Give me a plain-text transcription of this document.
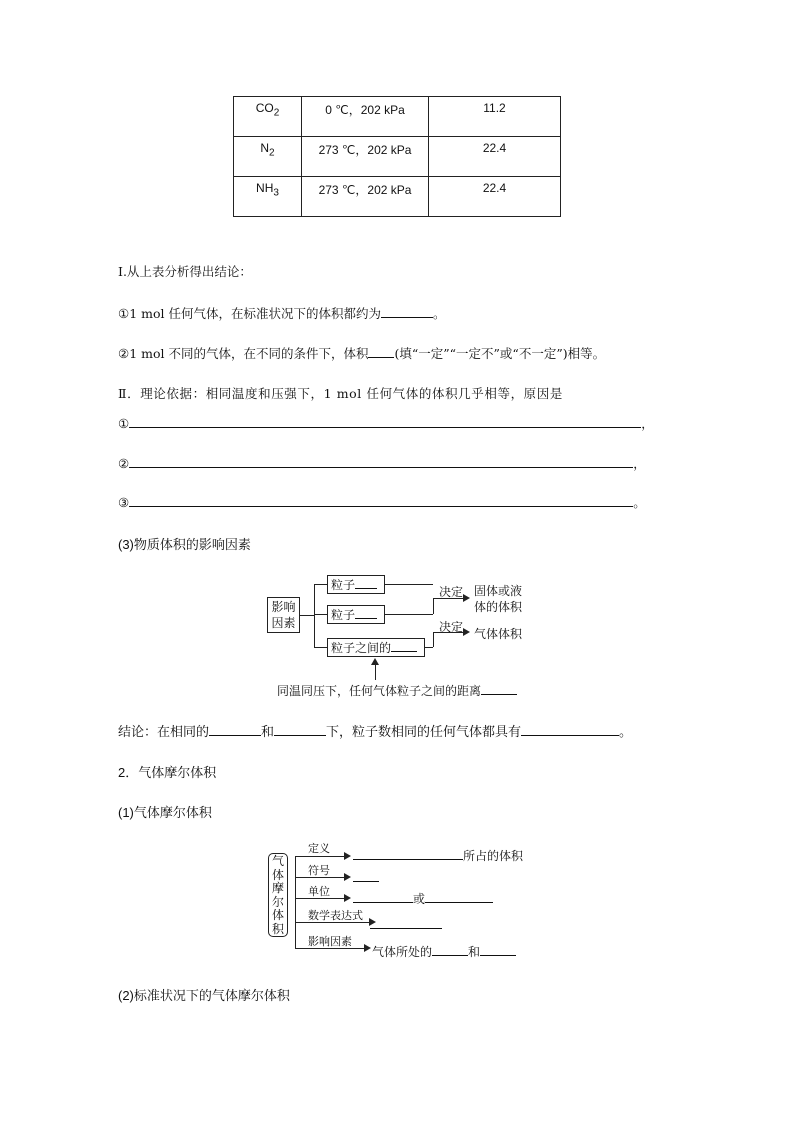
$CO_2$	0 ℃，202 kPa	11.2
$N_2$	273 ℃，202 kPa	22.4
$NH_3$	273 ℃，202 kPa	22.4
Ⅰ.从上表分析得出结论：
①1 mol 任何气体，在标准状况下的体积都约为	。
②1 mol 不同的气体，在不同的条件下，体积 (填“一定”“一定不”或“不一定”)相等。
Ⅱ．理论依据：相同温度和压强下，1 mol 任何气体的体积几乎相等，原因是
①	，
②	，
③	。
(3)物质体积的影响因素
影响
因素
粒子
粒子
粒子之间的
决定
决定
固体或液
体的体积
气体体积
同温同压下，任何气体粒子之间的距离
结论：在相同的	和	下，粒子数相同的任何气体都具有	。
2．气体摩尔体积
(1)气体摩尔体积
气
体
摩
尔
体
积
定义
所占的体积
符号
单位
或
数学表达式
影响因素
气体所处的	和
(2)标准状况下的气体摩尔体积
